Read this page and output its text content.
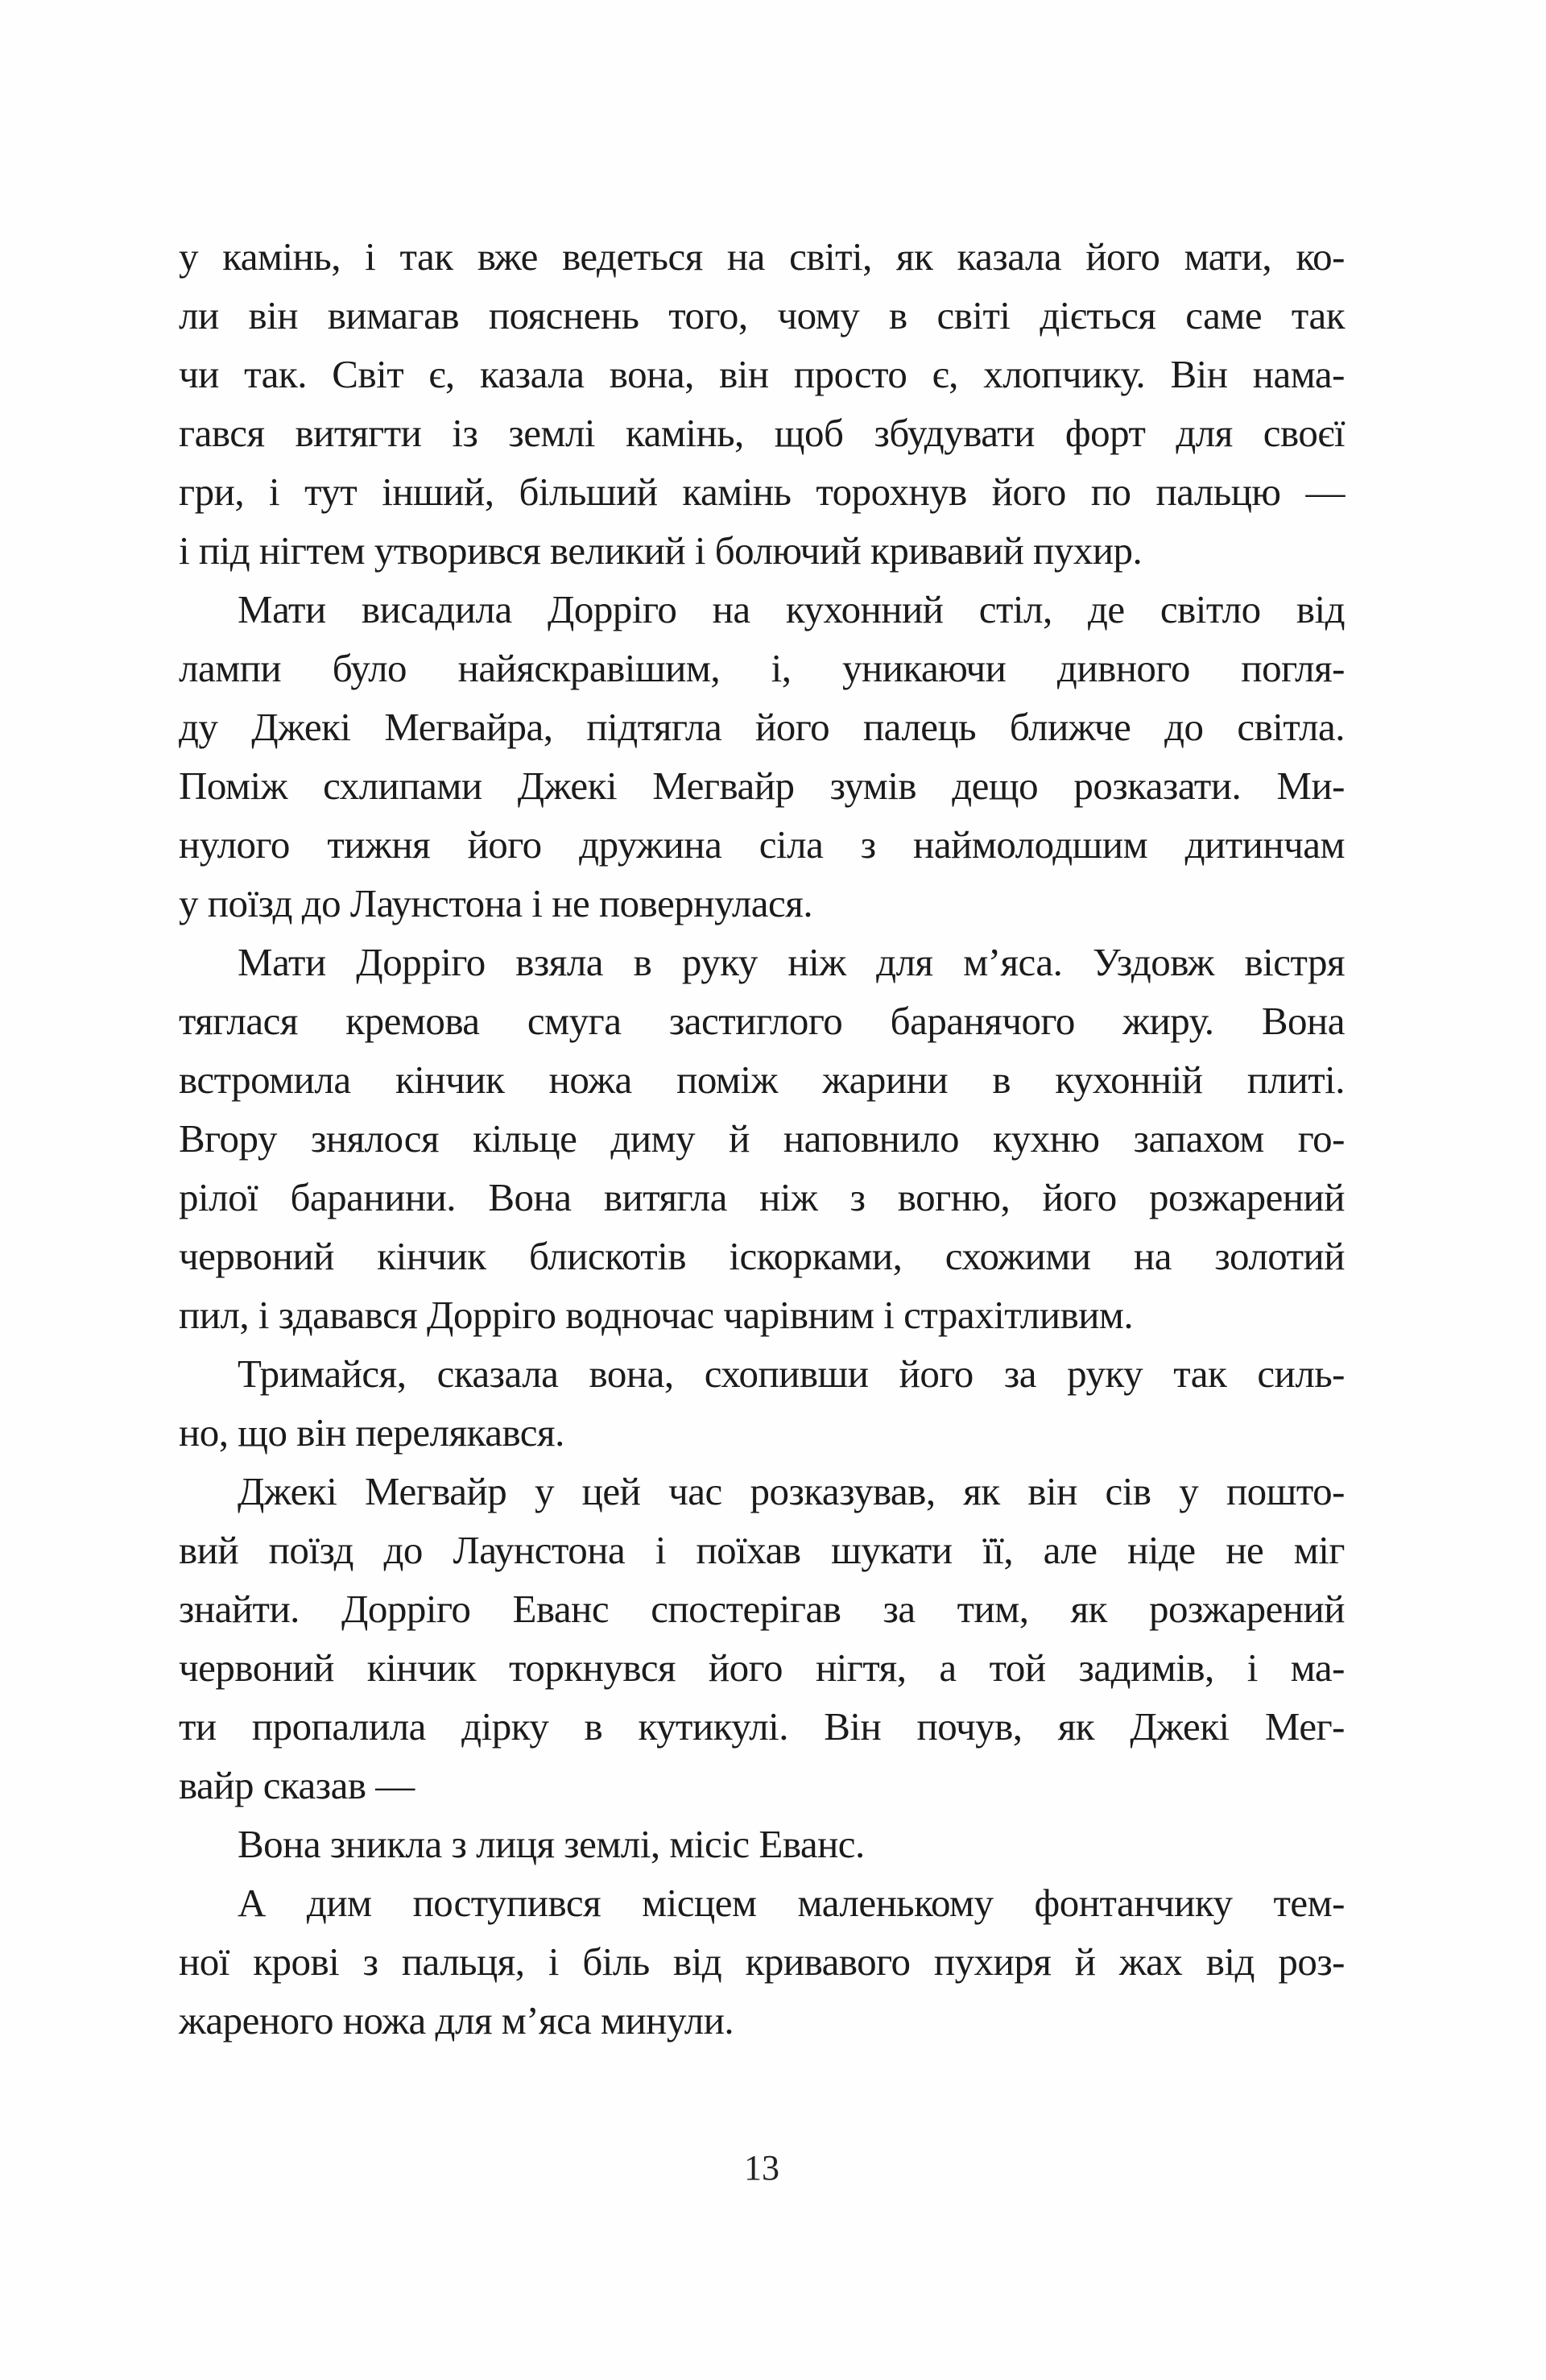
у камінь, і так вже ведеться на світі, як казала його мати, ко-
ли він вимагав пояснень того, чому в світі діється саме так
чи так. Світ є, казала вона, він просто є, хлопчику. Він нама-
гався витягти із землі камінь, щоб збудувати форт для своєї
гри, і тут інший, більший камінь торохнув його по пальцю —
і під нігтем утворився великий і болючий кривавий пухир.

Мати висадила Дорріго на кухонний стіл, де світло від
лампи було найяскравішим, і, уникаючи дивного погля-
ду Джекі Мегвайра, підтягла його палець ближче до світла.
Поміж схлипами Джекі Мегвайр зумів дещо розказати. Ми-
нулого тижня його дружина сіла з наймолодшим дитинчам
у поїзд до Лаунстона і не повернулася.

Мати Дорріго взяла в руку ніж для м’яса. Уздовж вістря
тяглася кремова смуга застиглого баранячого жиру. Вона
встромила кінчик ножа поміж жарини в кухонній плиті.
Вгору знялося кільце диму й наповнило кухню запахом го-
рілої баранини. Вона витягла ніж з вогню, його розжарений
червоний кінчик блискотів іскорками, схожими на золотий
пил, і здавався Дорріго водночас чарівним і страхітливим.

Тримайся, сказала вона, схопивши його за руку так силь-
но, що він перелякався.

Джекі Мегвайр у цей час розказував, як він сів у пошто-
вий поїзд до Лаунстона і поїхав шукати її, але ніде не міг
знайти. Дорріго Еванс спостерігав за тим, як розжарений
червоний кінчик торкнувся його нігтя, а той задимів, і ма-
ти пропалила дірку в кутикулі. Він почув, як Джекі Мег-
вайр сказав —

Вона зникла з лиця землі, місіс Еванс.

А дим поступився місцем маленькому фонтанчику тем-
ної крові з пальця, і біль від кривавого пухиря й жах від роз-
жареного ножа для м’яса минули.

13
